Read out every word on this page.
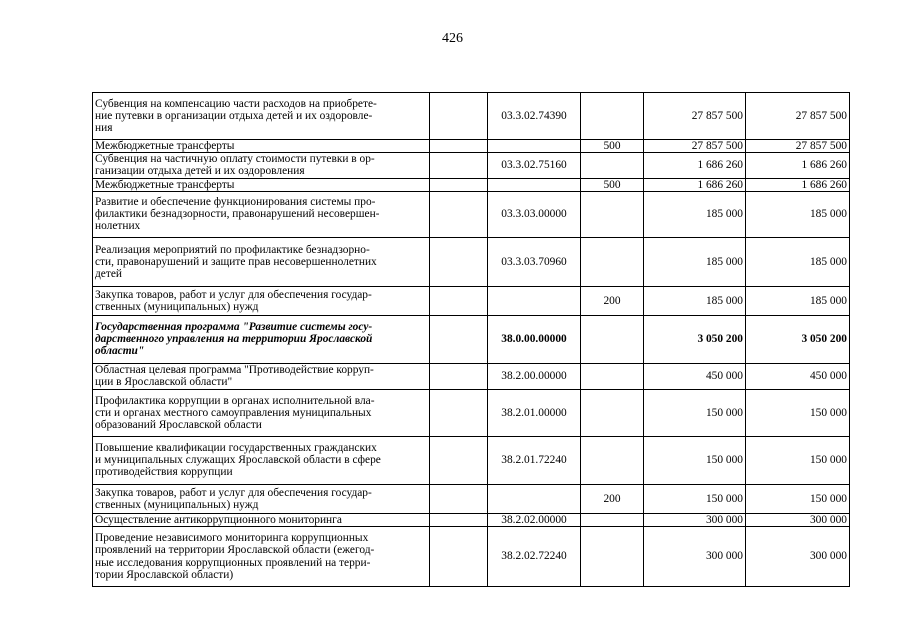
426
Субвенция на компенсацию части расходов на приобрете-
ние путевки в организации отдыха детей и их оздоровле-
ния		03.3.02.74390		27 857 500	27 857 500

Межбюджетные трансферты			500	27 857 500	27 857 500

Субвенция на частичную оплату стоимости путевки в ор-
ганизации отдыха детей и их оздоровления		03.3.02.75160		1 686 260	1 686 260

Межбюджетные трансферты			500	1 686 260	1 686 260

Развитие и обеспечение функционирования системы про-
филактики безнадзорности, правонарушений несовершен-
нолетних		03.3.03.00000		185 000	185 000

Реализация мероприятий по профилактике безнадзорно-
сти, правонарушений и защите прав несовершеннолетних
детей		03.3.03.70960		185 000	185 000

Закупка товаров, работ и услуг для обеспечения государ-
ственных (муниципальных) нужд			200	185 000	185 000

Государственная программа "Развитие системы госу-
дарственного управления на территории Ярославской
области"		38.0.00.00000		3 050 200	3 050 200

Областная целевая программа "Противодействие корруп-
ции в Ярославской области"		38.2.00.00000		450 000	450 000

Профилактика коррупции в органах исполнительной вла-
сти и органах местного самоуправления муниципальных
образований Ярославской области		38.2.01.00000		150 000	150 000

Повышение квалификации государственных гражданских
и муниципальных служащих Ярославской области в сфере
противодействия коррупции		38.2.01.72240		150 000	150 000

Закупка товаров, работ и услуг для обеспечения государ-
ственных (муниципальных) нужд			200	150 000	150 000

Осуществление антикоррупционного мониторинга		38.2.02.00000		300 000	300 000

Проведение независимого мониторинга коррупционных
проявлений на территории Ярославской области (ежегод-
ные исследования коррупционных проявлений на терри-
тории Ярославской области)		38.2.02.72240		300 000	300 000
